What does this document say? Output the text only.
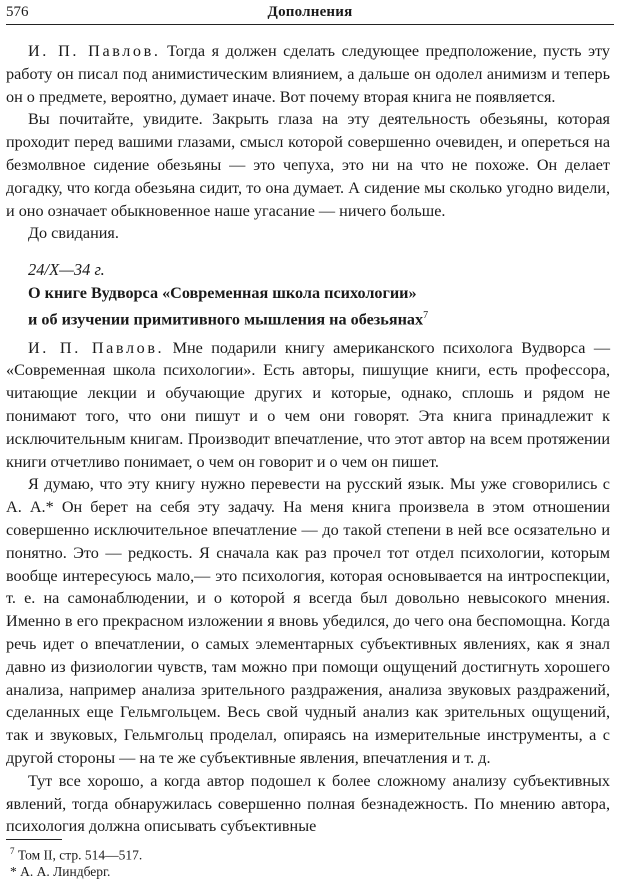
576	Дополнения

И. П. Павлов. Тогда я должен сделать следующее предположение, пусть эту работу он писал под анимистическим влиянием, а дальше он одолел анимизм и теперь он о предмете, вероятно, думает иначе. Вот почему вторая книга не появляется.

Вы почитайте, увидите. Закрыть глаза на эту деятельность обезьяны, которая проходит перед вашими глазами, смысл которой совершенно очевиден, и опереться на безмолвное сидение обезьяны — это чепуха, это ни на что не похоже. Он делает догадку, что когда обезьяна сидит, то она думает. А сидение мы сколько угодно видели, и оно означает обыкновенное наше угасание — ничего больше.

До свидания.

24/X—34 г.
О книге Вудворса «Современная школа психологии»
и об изучении примитивного мышления на обезьянах$^7$

И. П. Павлов. Мне подарили книгу американского психолога Вудворса — «Современная школа психологии». Есть авторы, пишущие книги, есть профессора, читающие лекции и обучающие других и которые, однако, сплошь и рядом не понимают того, что они пишут и о чем они говорят. Эта книга принадлежит к исключительным книгам. Производит впечатление, что этот автор на всем протяжении книги отчетливо понимает, о чем он говорит и о чем он пишет.

Я думаю, что эту книгу нужно перевести на русский язык. Мы уже сговорились с А. А.* Он берет на себя эту задачу. На меня книга произвела в этом отношении совершенно исключительное впечатление — до такой степени в ней все осязательно и понятно. Это — редкость. Я сначала как раз прочел тот отдел психологии, которым вообще интересуюсь мало,— это психология, которая основывается на интроспекции, т. е. на самонаблюдении, и о которой я всегда был довольно невысокого мнения. Именно в его прекрасном изложении я вновь убедился, до чего она беспомощна. Когда речь идет о впечатлении, о самых элементарных субъективных явлениях, как я знал давно из физиологии чувств, там можно при помощи ощущений достигнуть хорошего анализа, например анализа зрительного раздражения, анализа звуковых раздражений, сделанных еще Гельмгольцем. Весь свой чудный анализ как зрительных ощущений, так и звуковых, Гельмгольц проделал, опираясь на измерительные инструменты, а с другой стороны — на те же субъективные явления, впечатления и т. д.

Тут все хорошо, а когда автор подошел к более сложному анализу субъективных явлений, тогда обнаружилась совершенно полная безнадежность. По мнению автора, психология должна описывать субъективные

$^7$ Том II, стр. 514—517.
* А. А. Линдберг.
